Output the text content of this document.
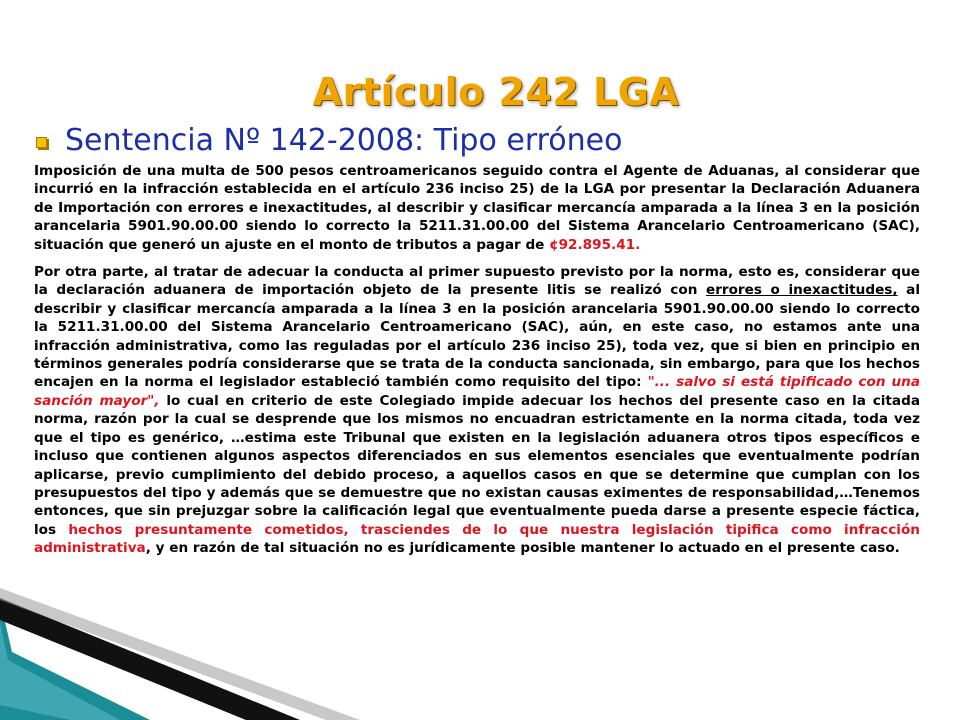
Artículo 242 LGA
Sentencia Nº 142-2008: Tipo erróneo

Imposición de una multa de 500 pesos centroamericanos seguido contra el Agente de Aduanas, al considerar que incurrió en la infracción establecida en el artículo 236 inciso 25) de la LGA por presentar la Declaración Aduanera de Importación con errores e inexactitudes, al describir y clasificar mercancía amparada a la línea 3 en la posición arancelaria 5901.90.00.00 siendo lo correcto la 5211.31.00.00 del Sistema Arancelario Centroamericano (SAC), situación que generó un ajuste en el monto de tributos a pagar de ¢92.895.41.

Por otra parte, al tratar de adecuar la conducta al primer supuesto previsto por la norma, esto es, considerar que la declaración aduanera de importación objeto de la presente litis se realizó con errores o inexactitudes, al describir y clasificar mercancía amparada a la línea 3 en la posición arancelaria 5901.90.00.00 siendo lo correcto la 5211.31.00.00 del Sistema Arancelario Centroamericano (SAC), aún, en este caso, no estamos ante una infracción administrativa, como las reguladas por el artículo 236 inciso 25), toda vez, que si bien en principio en términos generales podría considerarse que se trata de la conducta sancionada, sin embargo, para que los hechos encajen en la norma el legislador estableció también como requisito del tipo: "... salvo si está tipificado con una sanción mayor", lo cual en criterio de este Colegiado impide adecuar los hechos del presente caso en la citada norma, razón por la cual se desprende que los mismos no encuadran estrictamente en la norma citada, toda vez que el tipo es genérico, …estima este Tribunal que existen en la legislación aduanera otros tipos específicos e incluso que contienen algunos aspectos diferenciados en sus elementos esenciales que eventualmente podrían aplicarse, previo cumplimiento del debido proceso, a aquellos casos en que se determine que cumplan con los presupuestos del tipo y además que se demuestre que no existan causas eximentes de responsabilidad,…Tenemos entonces, que sin prejuzgar sobre la calificación legal que eventualmente pueda darse a presente especie fáctica, los hechos presuntamente cometidos, trasciendes de lo que nuestra legislación tipifica como infracción administrativa, y en razón de tal situación no es jurídicamente posible mantener lo actuado en el presente caso.
